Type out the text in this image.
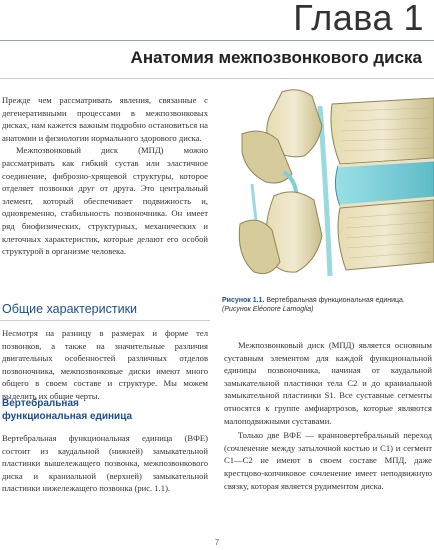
Глава 1
Анатомия межпозвонкового диска

Прежде чем рассматривать явления, связанные с дегенеративными процессами в межпозвонковых дисках, нам кажется важным подробно остановиться на анатомии и физиологии нормального здорового диска.

Межпозвонковый диск (МПД) можно рассматривать как гибкий сустав или эластичное соединение, фиброзно-хрящевой структуры, которое отделяет позвонки друг от друга. Это центральный элемент, который обеспечивает подвижность и, одновременно, стабильность позвоночника. Он имеет ряд биофизических, структурных, механических и клеточных характеристик, которые делают его особой структурой в организме человека.

Рисунок 1.1. Вертебральная функциональная единица.
(Рисунок Eléonore Lamoglia)
Общие характеристики

Несмотря на разницу в размерах и форме тел позвонков, а также на значительные различия двигательных особенностей различных отделов позвоночника, межпозвонковые диски имеют много общего в своем составе и структуре. Мы можем выделить их общие черты.

Вертебральная
функциональная единица

Вертебральная функциональная единица (ВФЕ) состоит из каудальной (нижней) замыкательной пластинки вышележащего позвонка, межпозвонкового диска и краниальной (верхней) замыкательной пластинки нижележащего позвонка (рис. 1.1).

Межпозвонковый диск (МПД) является основным суставным элементом для каждой функциональной единицы позвоночника, начиная от каудальной замыкательной пластинки тела С2 и до краниальной замыкательной пластинки S1. Все суставные сегменты относятся к группе амфиартрозов, которые являются малоподвижными суставами.

Только две ВФЕ — кранновертебральный переход (сочленение между затылочной костью и С1) и сегмент С1—С2 не имеют в своем составе МПД, даже крестцово-копчиковое сочленение имеет неподвижную связку, которая является рудиментом диска.

7
